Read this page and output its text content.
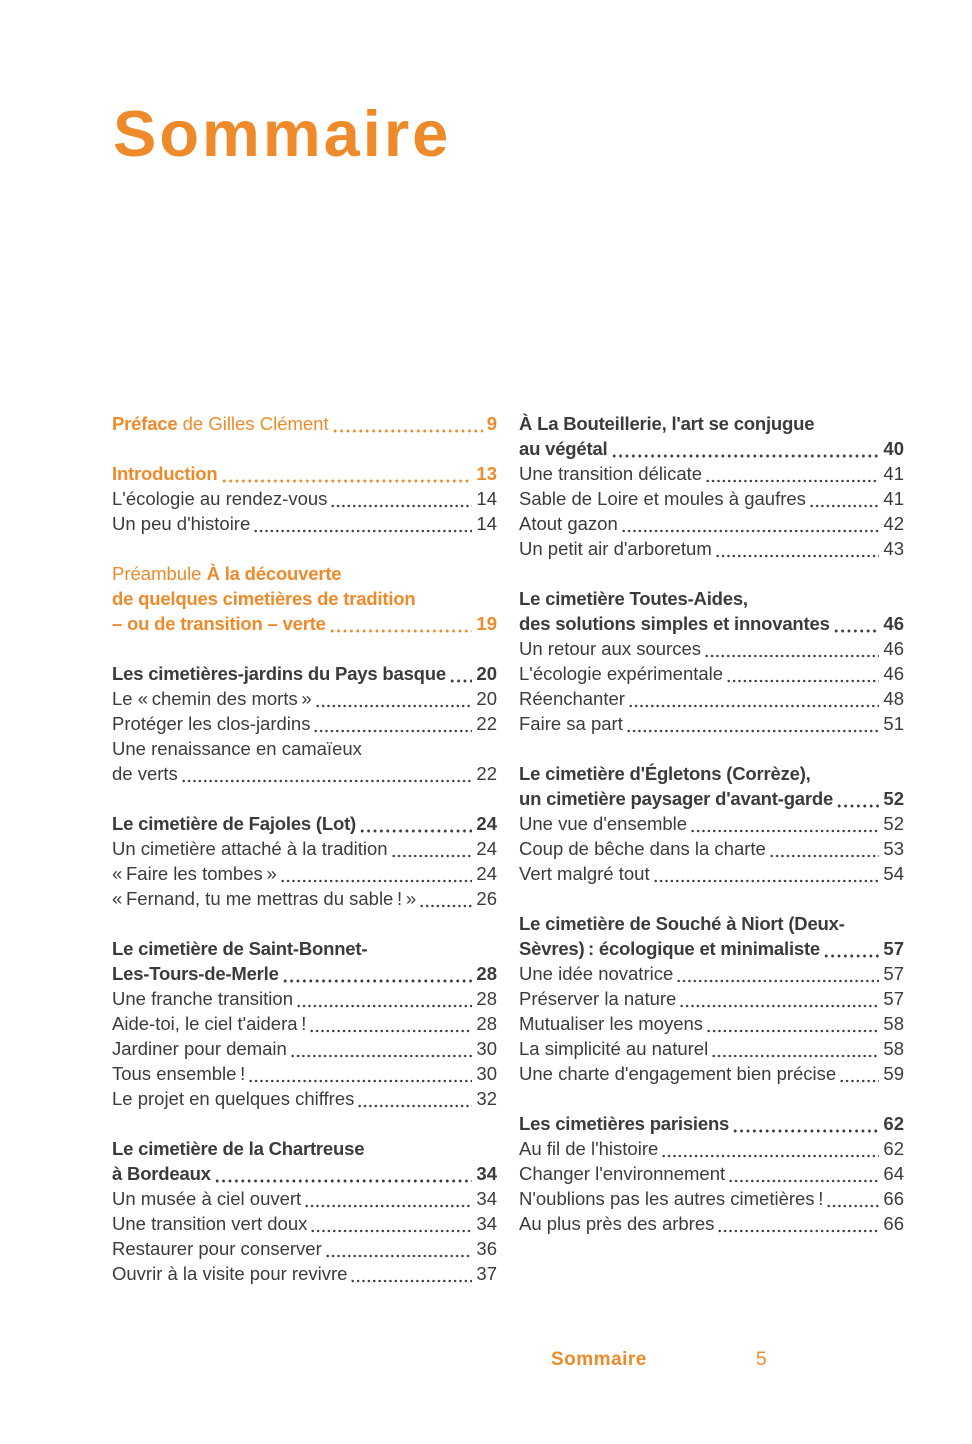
Sommaire
Préface de Gilles Clément	9
Introduction	13
L'écologie au rendez-vous	14
Un peu d'histoire	14
Préambule À la découverte
de quelques cimetières de tradition
– ou de transition – verte	19
Les cimetières-jardins du Pays basque 20
Le « chemin des morts »	20
Protéger les clos-jardins	22
Une renaissance en camaïeux
de verts	22
Le cimetière de Fajoles (Lot)	24
Un cimetière attaché à la tradition	24
« Faire les tombes »	24
« Fernand, tu me mettras du sable ! »	26
Le cimetière de Saint-Bonnet-
Les-Tours-de-Merle	28
Une franche transition	28
Aide-toi, le ciel t'aidera !	28
Jardiner pour demain	30
Tous ensemble !	30
Le projet en quelques chiffres	32
Le cimetière de la Chartreuse
à Bordeaux	34
Un musée à ciel ouvert	34
Une transition vert doux	34
Restaurer pour conserver	36
Ouvrir à la visite pour revivre	37
À La Bouteillerie, l'art se conjugue
au végétal	40
Une transition délicate	41
Sable de Loire et moules à gaufres	41
Atout gazon	42
Un petit air d'arboretum	43
Le cimetière Toutes-Aides,
des solutions simples et innovantes	46
Un retour aux sources	46
L'écologie expérimentale	46
Réenchanter	48
Faire sa part	51
Le cimetière d'Égletons (Corrèze),
un cimetière paysager d'avant-garde	52
Une vue d'ensemble	52
Coup de bêche dans la charte	53
Vert malgré tout	54
Le cimetière de Souché à Niort (Deux-
Sèvres) : écologique et minimaliste	57
Une idée novatrice	57
Préserver la nature	57
Mutualiser les moyens	58
La simplicité au naturel	58
Une charte d'engagement bien précise	59
Les cimetières parisiens	62
Au fil de l'histoire	62
Changer l'environnement	64
N'oublions pas les autres cimetières !	66
Au plus près des arbres	66
Sommaire	5
